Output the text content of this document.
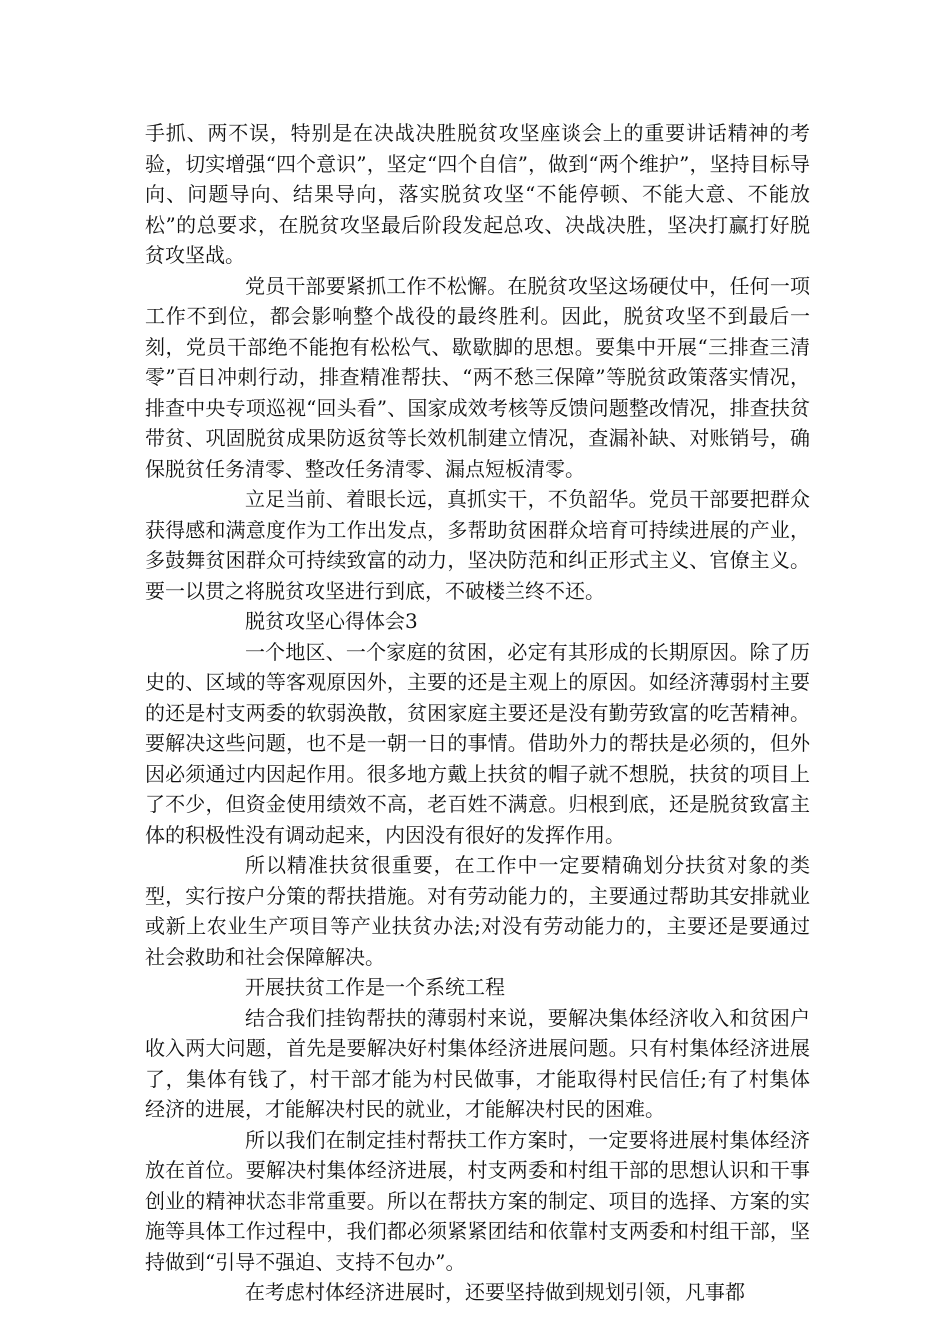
手抓、两不误，特别是在决战决胜脱贫攻坚座谈会上的重要讲话精神的考验，切实增强“四个意识”，坚定“四个自信”，做到“两个维护”，坚持目标导向、问题导向、结果导向，落实脱贫攻坚“不能停顿、不能大意、不能放松”的总要求，在脱贫攻坚最后阶段发起总攻、决战决胜，坚决打赢打好脱贫攻坚战。

党员干部要紧抓工作不松懈。在脱贫攻坚这场硬仗中，任何一项工作不到位，都会影响整个战役的最终胜利。因此，脱贫攻坚不到最后一刻，党员干部绝不能抱有松松气、歇歇脚的思想。要集中开展“三排查三清零”百日冲刺行动，排查精准帮扶、“两不愁三保障”等脱贫政策落实情况，排查中央专项巡视“回头看”、国家成效考核等反馈问题整改情况，排查扶贫带贫、巩固脱贫成果防返贫等长效机制建立情况，查漏补缺、对账销号，确保脱贫任务清零、整改任务清零、漏点短板清零。

立足当前、着眼长远，真抓实干，不负韶华。党员干部要把群众获得感和满意度作为工作出发点，多帮助贫困群众培育可持续进展的产业，多鼓舞贫困群众可持续致富的动力，坚决防范和纠正形式主义、官僚主义。要一以贯之将脱贫攻坚进行到底，不破楼兰终不还。

脱贫攻坚心得体会3

一个地区、一个家庭的贫困，必定有其形成的长期原因。除了历史的、区域的等客观原因外，主要的还是主观上的原因。如经济薄弱村主要的还是村支两委的软弱涣散，贫困家庭主要还是没有勤劳致富的吃苦精神。要解决这些问题，也不是一朝一日的事情。借助外力的帮扶是必须的，但外因必须通过内因起作用。很多地方戴上扶贫的帽子就不想脱，扶贫的项目上了不少，但资金使用绩效不高，老百姓不满意。归根到底，还是脱贫致富主体的积极性没有调动起来，内因没有很好的发挥作用。

所以精准扶贫很重要，在工作中一定要精确划分扶贫对象的类型，实行按户分策的帮扶措施。对有劳动能力的，主要通过帮助其安排就业或新上农业生产项目等产业扶贫办法;对没有劳动能力的，主要还是要通过社会救助和社会保障解决。

开展扶贫工作是一个系统工程

结合我们挂钩帮扶的薄弱村来说，要解决集体经济收入和贫困户收入两大问题，首先是要解决好村集体经济进展问题。只有村集体经济进展了，集体有钱了，村干部才能为村民做事，才能取得村民信任;有了村集体经济的进展，才能解决村民的就业，才能解决村民的困难。

所以我们在制定挂村帮扶工作方案时，一定要将进展村集体经济放在首位。要解决村集体经济进展，村支两委和村组干部的思想认识和干事创业的精神状态非常重要。所以在帮扶方案的制定、项目的选择、方案的实施等具体工作过程中，我们都必须紧紧团结和依靠村支两委和村组干部，坚持做到“引导不强迫、支持不包办”。

在考虑村体经济进展时，还要坚持做到规划引领，凡事都
